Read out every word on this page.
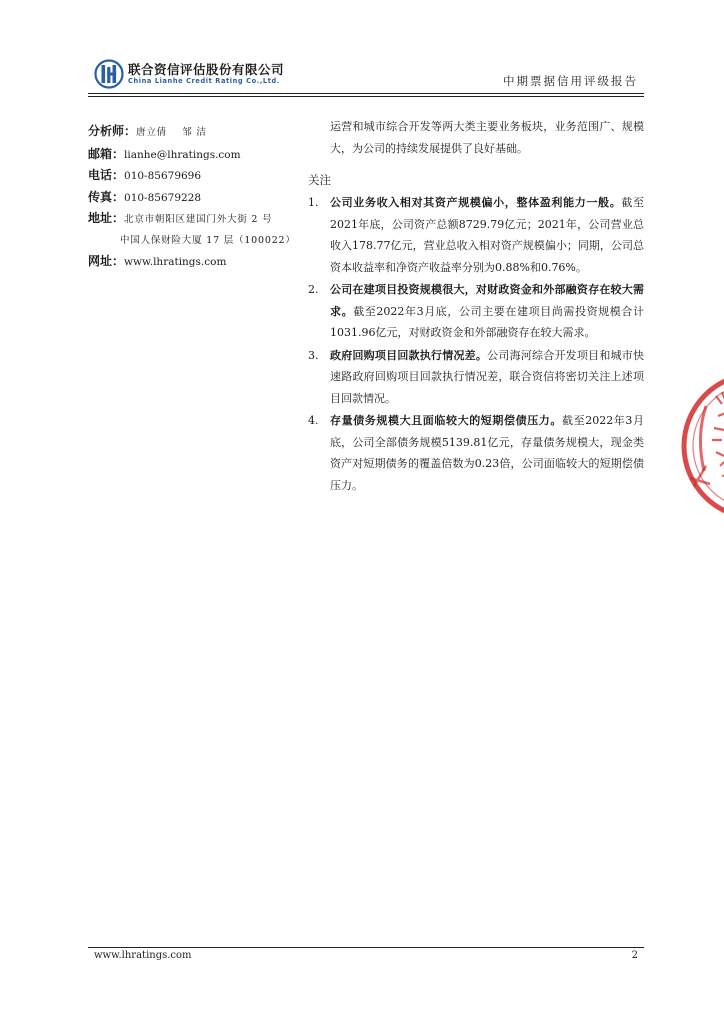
联合资信评估股份有限公司
China Lianhe Credit Rating Co.,Ltd.	中期票据信用评级报告
分析师： 唐立倩    邹 洁
邮箱： lianhe@lhratings.com
电话： 010-85679696
传真： 010-85679228
地址： 北京市朝阳区建国门外大街 2 号
中国人保财险大厦 17 层（100022）
网址： www.lhratings.com
运营和城市综合开发等两大类主要业务板块，业务范围广、规模大，为公司的持续发展提供了良好基础。
关注
1.	公司业务收入相对其资产规模偏小，整体盈利能力一般。截至2021年底，公司资产总额8729.79亿元；2021年，公司营业总收入178.77亿元，营业总收入相对资产规模偏小；同期，公司总资本收益率和净资产收益率分别为0.88%和0.76%。
2.	公司在建项目投资规模很大，对财政资金和外部融资存在较大需求。截至2022年3月底，公司主要在建项目尚需投资规模合计1031.96亿元，对财政资金和外部融资存在较大需求。
3.	政府回购项目回款执行情况差。公司海河综合开发项目和城市快速路政府回购项目回款执行情况差，联合资信将密切关注上述项目回款情况。
4.	存量债务规模大且面临较大的短期偿债压力。截至2022年3月底，公司全部债务规模5139.81亿元，存量债务规模大，现金类资产对短期债务的覆盖倍数为0.23倍，公司面临较大的短期偿债压力。
www.lhratings.com	2
